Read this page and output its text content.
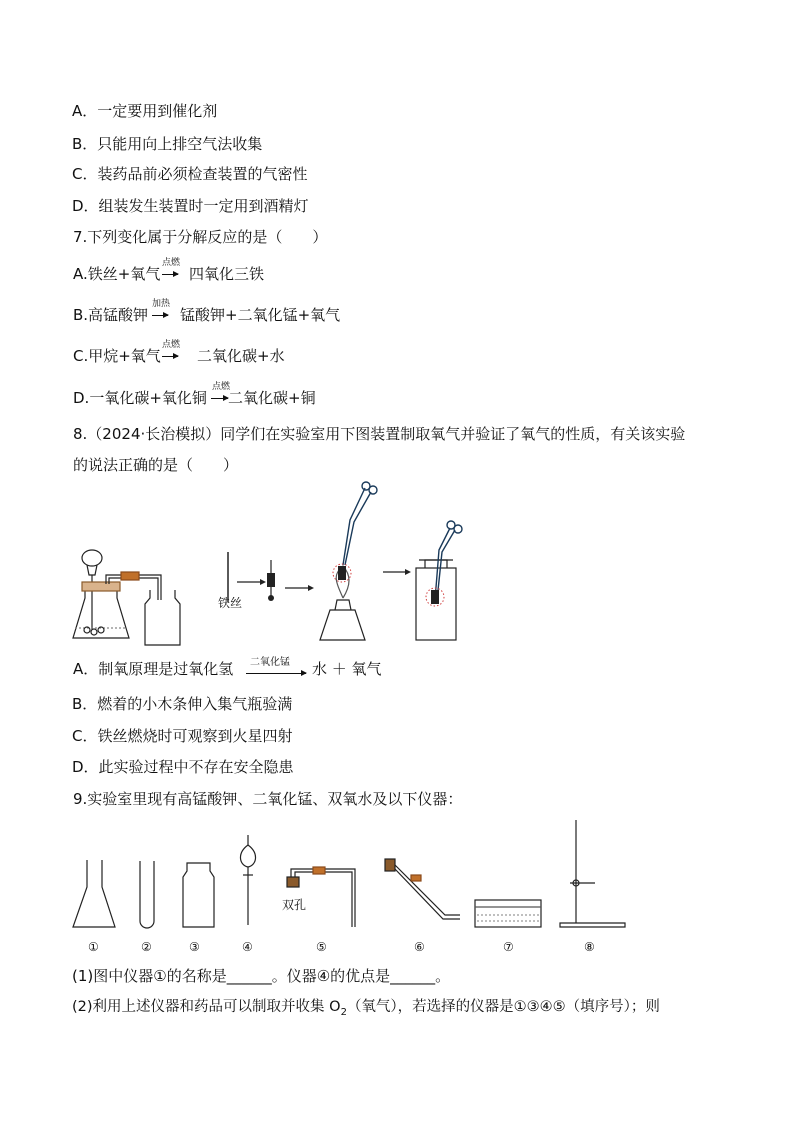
A．一定要用到催化剂
B．只能用向上排空气法收集
C．装药品前必须检查装置的气密性
D．组装发生装置时一定用到酒精灯
7.下列变化属于分解反应的是（　　）
A.铁丝+氧气
点燃
四氧化三铁
B.高锰酸钾
加热
锰酸钾+二氧化锰+氧气
C.甲烷+氧气
点燃
二氧化碳+水
D.一氧化碳+氧化铜
点燃
二氧化碳+铜
8.（2024·长治模拟）同学们在实验室用下图装置制取氧气并验证了氧气的性质，有关该实验
的说法正确的是（　　）
铁丝
A．制氧原理是过氧化氢 二氧化锰 水 ＋ 氧气
B．燃着的小木条伸入集气瓶验满
C．铁丝燃烧时可观察到火星四射
D．此实验过程中不存在安全隐患
9.实验室里现有高锰酸钾、二氧化锰、双氧水及以下仪器：
双孔
①	②	③	④	⑤	⑥	⑦	⑧
(1)图中仪器①的名称是______。仪器④的优点是______。
(2)利用上述仪器和药品可以制取并收集 $O_2$（氧气），若选择的仪器是①③④⑤（填序号）；则
